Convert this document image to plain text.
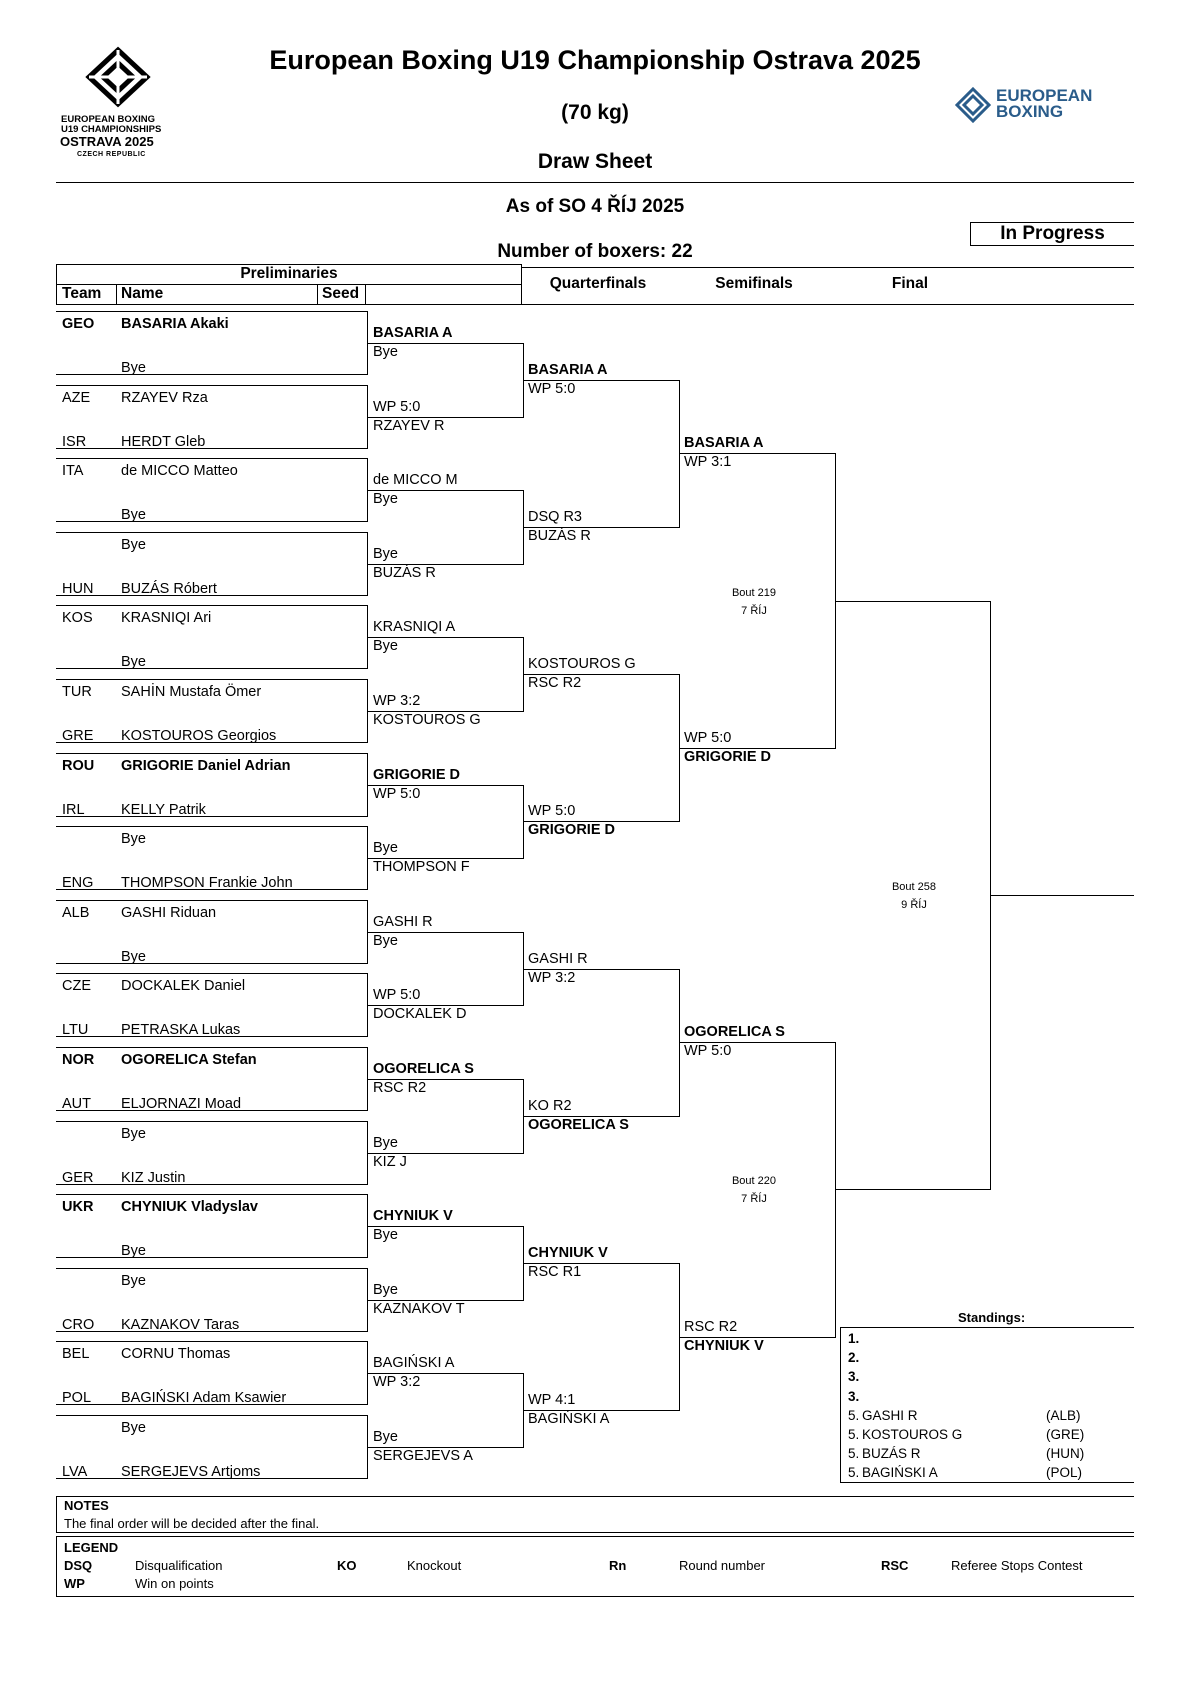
EUROPEAN BOXING
U19 CHAMPIONSHIPS
OSTRAVA 2025
CZECH REPUBLIC
European Boxing U19 Championship Ostrava 2025
(70 kg)
Draw Sheet
EUROPEAN
BOXING
As of SO 4 ŘÍJ 2025
In Progress
Number of boxers: 22
Preliminaries
Team Name	Seed
Quarterfinals	Semifinals	Final
GEO BASARIA Akaki
Bye
AZE RZAYEV Rza
ISR HERDT Gleb
ITA	de MICCO Matteo
Bye
Bye
HUN BUZÁS Róbert
KOS KRASNIQI Ari
Bye
TUR SAHİN Mustafa Ömer
GRE KOSTOUROS Georgios
ROU GRIGORIE Daniel Adrian
IRL	KELLY Patrik
Bye
ENG THOMPSON Frankie John
ALB GASHI Riduan
Bye
CZE DOCKALEK Daniel
LTU PETRASKA Lukas
NOR OGORELICA Stefan
AUT ELJORNAZI Moad
Bye
GER KIZ Justin
UKR CHYNIUK Vladyslav
Bye
Bye
CRO KAZNAKOV Taras
BEL CORNU Thomas
POL BAGIŃSKI Adam Ksawier
Bye
LVA SERGEJEVS Artjoms
BASARIA A
Bye
WP 5:0
RZAYEV R
de MICCO M
Bye
Bye
BUZÁS R
KRASNIQI A
Bye
WP 3:2
KOSTOUROS G
GRIGORIE D
WP 5:0
Bye
THOMPSON F
GASHI R
Bye
WP 5:0
DOCKALEK D
OGORELICA S
RSC R2
Bye
KIZ J
CHYNIUK V
Bye
Bye
KAZNAKOV T
BAGIŃSKI A
WP 3:2
Bye
SERGEJEVS A
BASARIA A
WP 5:0
DSQ R3
BUZÁS R
KOSTOUROS G
RSC R2
WP 5:0
GRIGORIE D
GASHI R
WP 3:2
KO R2
OGORELICA S
CHYNIUK V
RSC R1
WP 4:1
BAGIŃSKI A
BASARIA A
WP 3:1
WP 5:0
GRIGORIE D
OGORELICA S
WP 5:0
RSC R2
CHYNIUK V
Bout 219
7 ŘÍJ
Bout 220
7 ŘÍJ
Bout 258
9 ŘÍJ
Standings:
1.
2.
3.
3.
5. GASHI R	(ALB)
5. KOSTOUROS G	(GRE)
5. BUZÁS R	(HUN)
5. BAGIŃSKI A	(POL)
NOTES
The final order will be decided after the final.
LEGEND
DSQ	Disqualification
WP	Win on points
KO	Knockout	Rn	Round number	RSC	Referee Stops Contest
